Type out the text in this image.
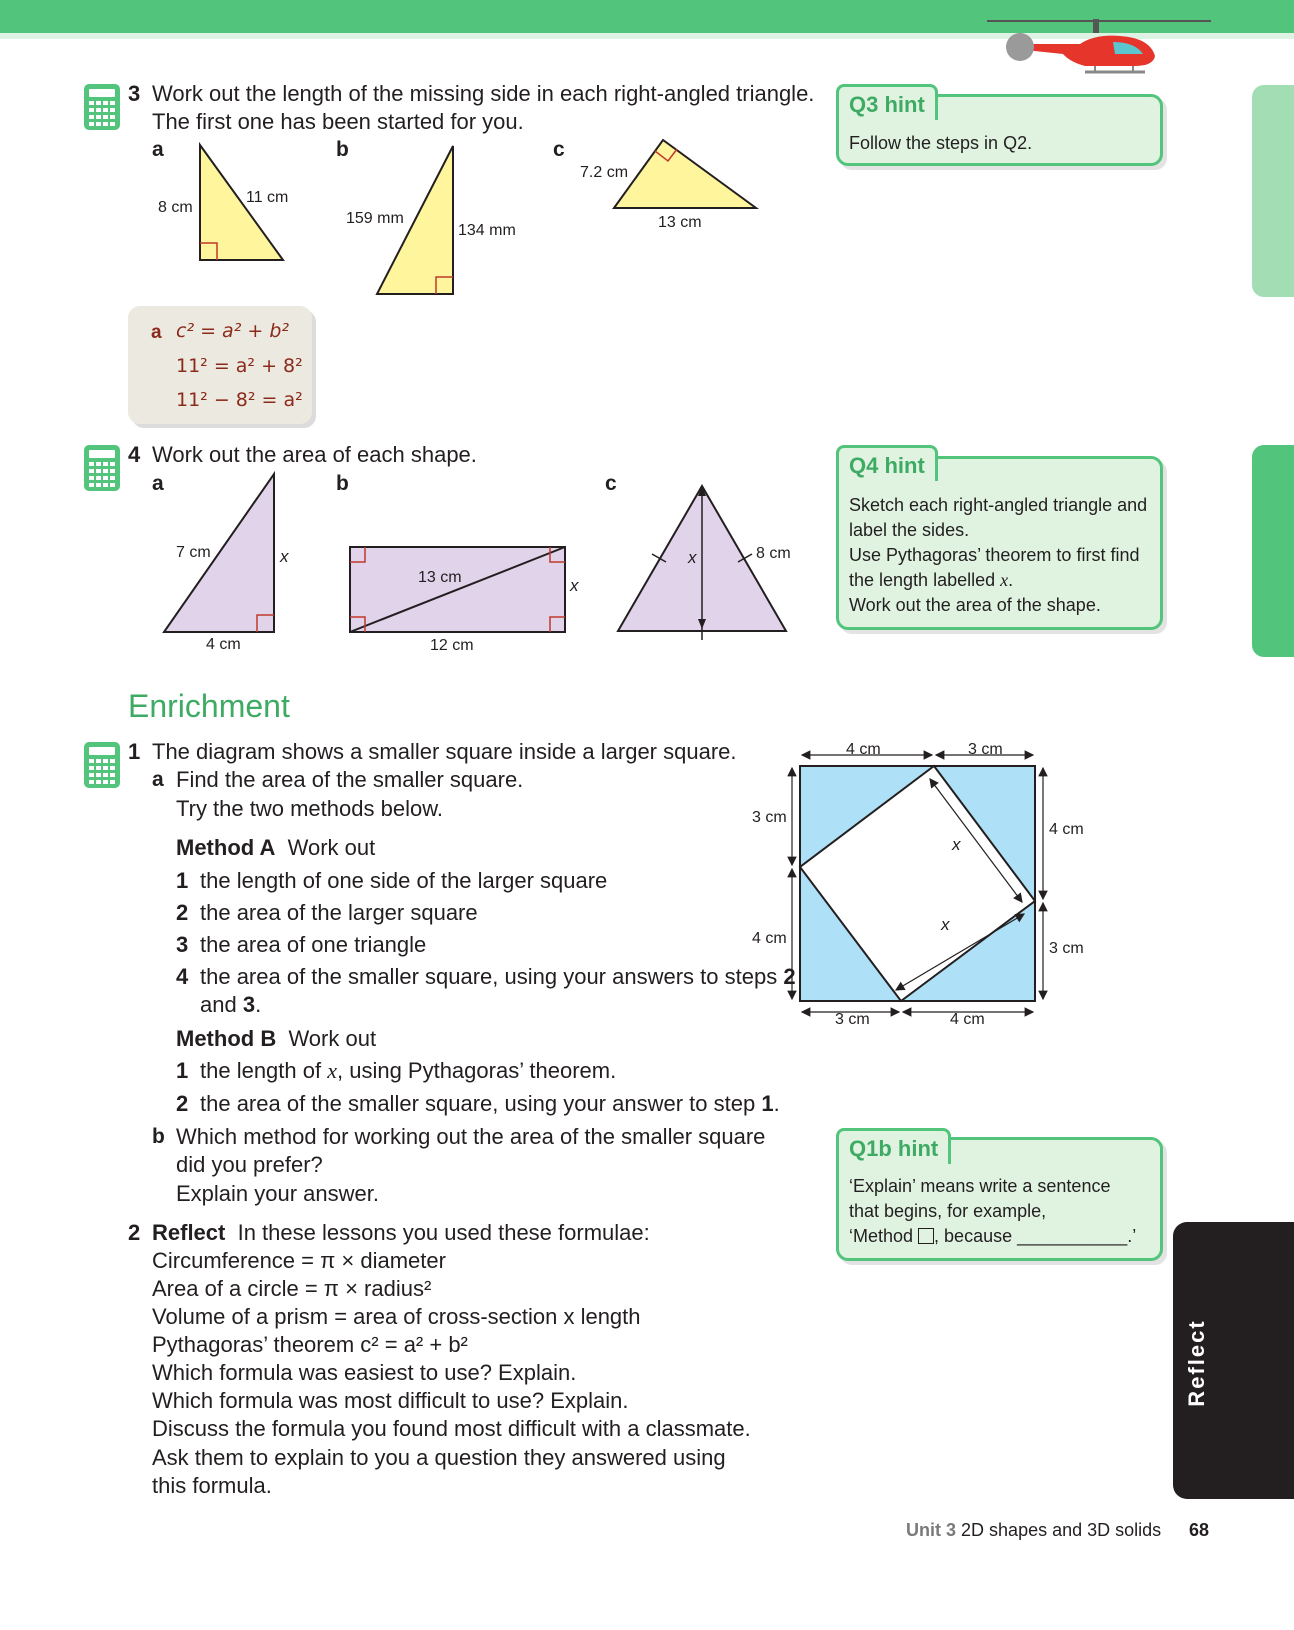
3 Work out the length of the missing side in each right-angled triangle.
The first one has been started for you.
a	b	c
8 cm
11 cm
159 mm
134 mm
7.2 cm
13 cm
a c² = a² + b²
11² = a² + 8²
11² − 8² = a²
Follow the steps in Q2.
Q3 hint
4 Work out the area of each shape.
a	b	c
7 cm	x
4 cm
13 cm	x
12 cm
x	8 cm
Sketch each right-angled triangle and
label the sides.
Use Pythagoras’ theorem to first find
the length labelled x.
Work out the area of the shape.
Q4 hint
Enrichment
1 The diagram shows a smaller square inside a larger square.
a Find the area of the smaller square.
Try the two methods below.
Method A Work out
1 the length of one side of the larger square
2 the area of the larger square
3 the area of one triangle
4 the area of the smaller square, using your answers to steps 2
and 3.
Method B Work out
1 the length of x, using Pythagoras’ theorem.
2 the area of the smaller square, using your answer to step 1.
b Which method for working out the area of the smaller square
did you prefer?
Explain your answer.
4 cm	3 cm
3 cm
4 cm
4 cm
3 cm
3 cm	4 cm
x
x
‘Explain’ means write a sentence
that begins, for example,
‘Method , because ___________.’
Q1b hint
2 Reflect In these lessons you used these formulae:
Circumference = π × diameter
Area of a circle = π × radius²
Volume of a prism = area of cross-section x length
Pythagoras’ theorem c² = a² + b²
Which formula was easiest to use? Explain.
Which formula was most difficult to use? Explain.
Discuss the formula you found most difficult with a classmate.
Ask them to explain to you a question they answered using
this formula.
Reflect
Unit 3 2D shapes and 3D solids 68
